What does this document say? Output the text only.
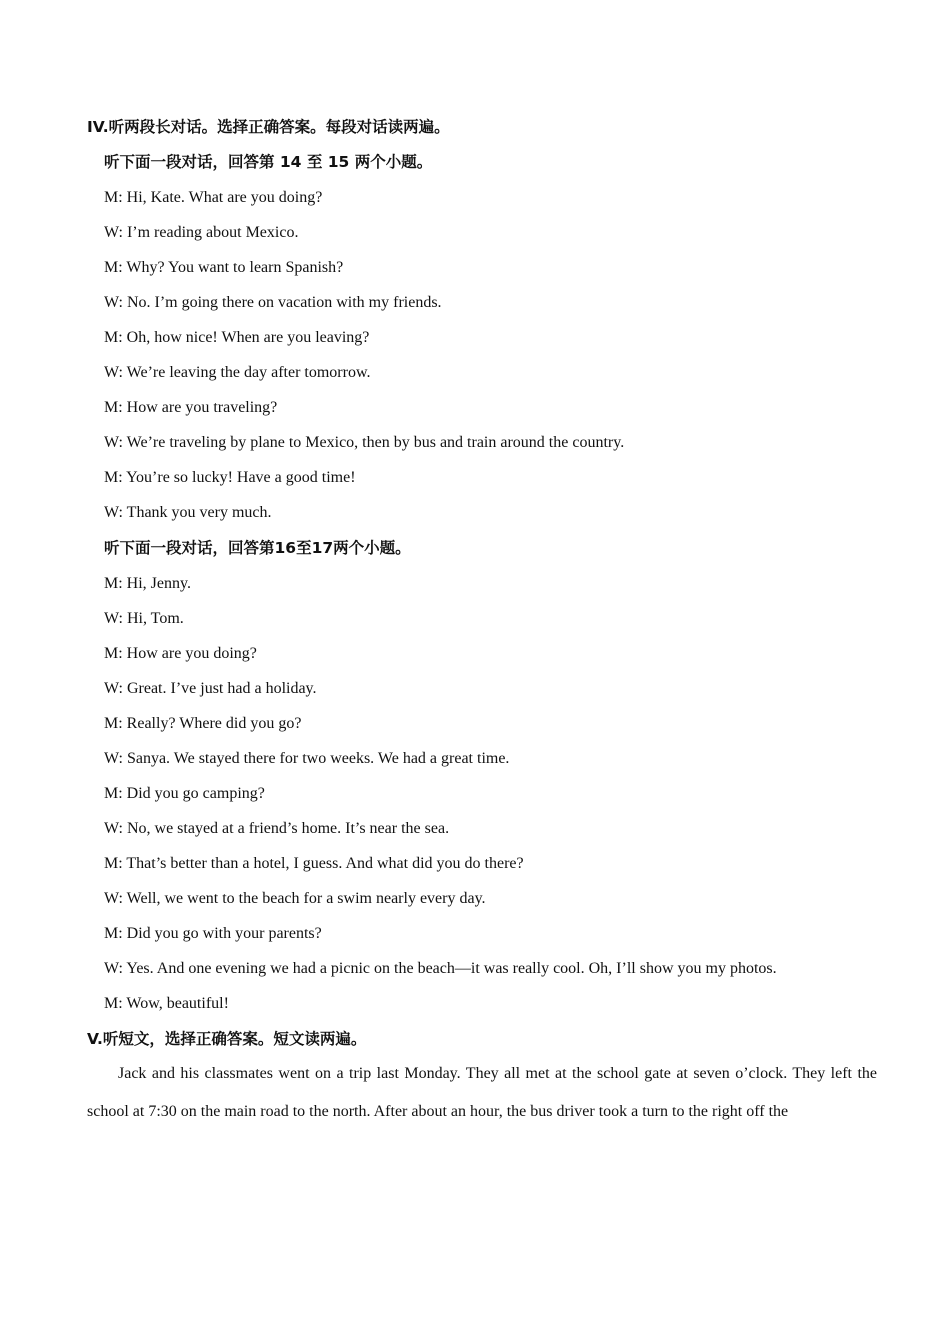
IV.听两段长对话。选择正确答案。每段对话读两遍。
听下面一段对话，回答第 14 至 15 两个小题。
M: Hi, Kate. What are you doing?
W: I’m reading about Mexico.
M: Why? You want to learn Spanish?
W: No. I’m going there on vacation with my friends.
M: Oh, how nice! When are you leaving?
W: We’re leaving the day after tomorrow.
M: How are you traveling?
W: We’re traveling by plane to Mexico, then by bus and train around the country.
M: You’re so lucky! Have a good time!
W: Thank you very much.
听下面一段对话，回答第16至17两个小题。
M: Hi, Jenny.
W: Hi, Tom.
M: How are you doing?
W: Great. I’ve just had a holiday.
M: Really? Where did you go?
W: Sanya. We stayed there for two weeks. We had a great time.
M: Did you go camping?
W: No, we stayed at a friend’s home. It’s near the sea.
M: That’s better than a hotel, I guess. And what did you do there?
W: Well, we went to the beach for a swim nearly every day.
M: Did you go with your parents?
W: Yes. And one evening we had a picnic on the beach—it was really cool. Oh, I’ll show you my photos.
M: Wow, beautiful!
V.听短文，选择正确答案。短文读两遍。
Jack and his classmates went on a trip last Monday. They all met at the school gate at seven o’clock. They left the school at 7:30 on the main road to the north. After about an hour, the bus driver took a turn to the right off the
